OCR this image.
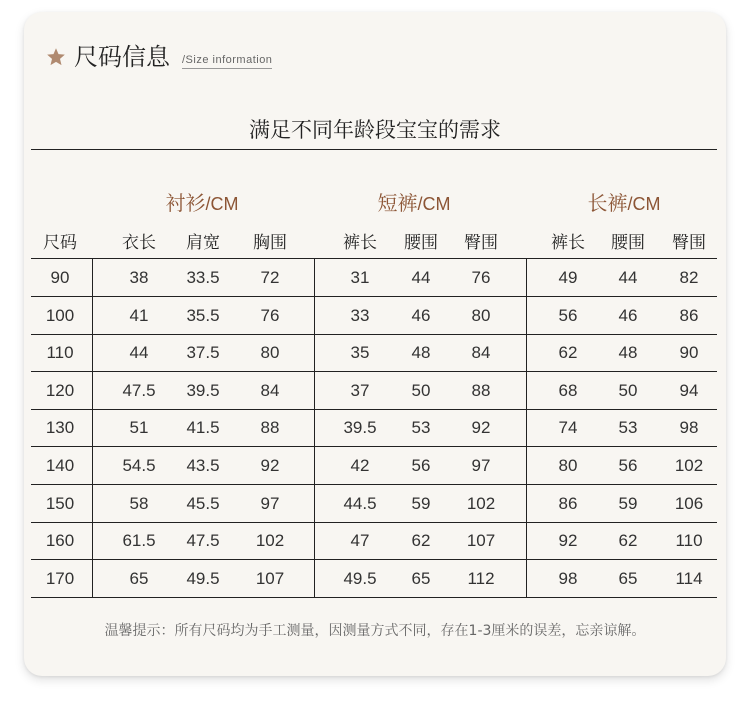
尺码信息 /Size information
满足不同年龄段宝宝的需求
衬衫/CM	短裤/CM	长裤/CM
尺码	衣长	肩宽	胸围	裤长	腰围	臀围	裤长	腰围	臀围
90	38	33.5	72	31	44	76	49	44	82
100	41	35.5	76	33	46	80	56	46	86
110	44	37.5	80	35	48	84	62	48	90
120	47.5	39.5	84	37	50	88	68	50	94
130	51	41.5	88	39.5	53	92	74	53	98
140	54.5	43.5	92	42	56	97	80	56	102
150	58	45.5	97	44.5	59	102	86	59	106
160	61.5	47.5	102	47	62	107	92	62	110
170	65	49.5	107	49.5	65	112	98	65	114
温馨提示：所有尺码均为手工测量，因测量方式不同，存在1-3厘米的误差，忘亲谅解。
